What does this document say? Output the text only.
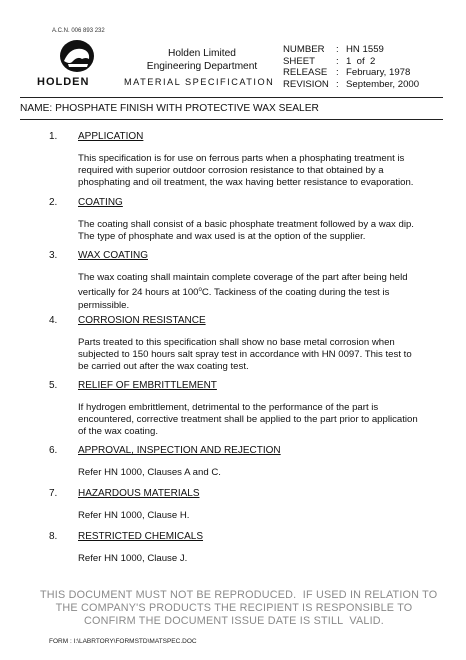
A.C.N. 006 893 232
HOLDEN
Holden Limited
Engineering Department
MATERIAL SPECIFICATION
NUMBER	: HN 1559
SHEET	: 1  of  2
RELEASE : February, 1978
REVISION : September, 2000
NAME: PHOSPHATE FINISH WITH PROTECTIVE WAX SEALER
1.	APPLICATION
This specification is for use on ferrous parts when a phosphating treatment is required with superior outdoor corrosion resistance to that obtained by a phosphating and oil treatment, the wax having better resistance to evaporation.
2.	COATING
The coating shall consist of a basic phosphate treatment followed by a wax dip. The type of phosphate and wax used is at the option of the supplier.
3.	WAX COATING
The wax coating shall maintain complete coverage of the part after being held vertically for 24 hours at 100$^o$C. Tackiness of the coating during the test is permissible.
4.	CORROSION RESISTANCE
Parts treated to this specification shall show no base metal corrosion when subjected to 150 hours salt spray test in accordance with HN 0097. This test to be carried out after the wax coating test.
5.	RELIEF OF EMBRITTLEMENT
If hydrogen embrittlement, detrimental to the performance of the part is encountered, corrective treatment shall be applied to the part prior to application of the wax coating.
6.	APPROVAL, INSPECTION AND REJECTION
Refer HN 1000, Clauses A and C.
7.	HAZARDOUS MATERIALS
Refer HN 1000, Clause H.
8.	RESTRICTED CHEMICALS
Refer HN 1000, Clause J.
THIS DOCUMENT MUST NOT BE REPRODUCED.  IF USED IN RELATION TO
THE COMPANY'S PRODUCTS THE RECIPIENT IS RESPONSIBLE TO
CONFIRM THE DOCUMENT ISSUE DATE IS STILL  VALID.
FORM : I:\LABRTORY\FORMSTD\MATSPEC.DOC
